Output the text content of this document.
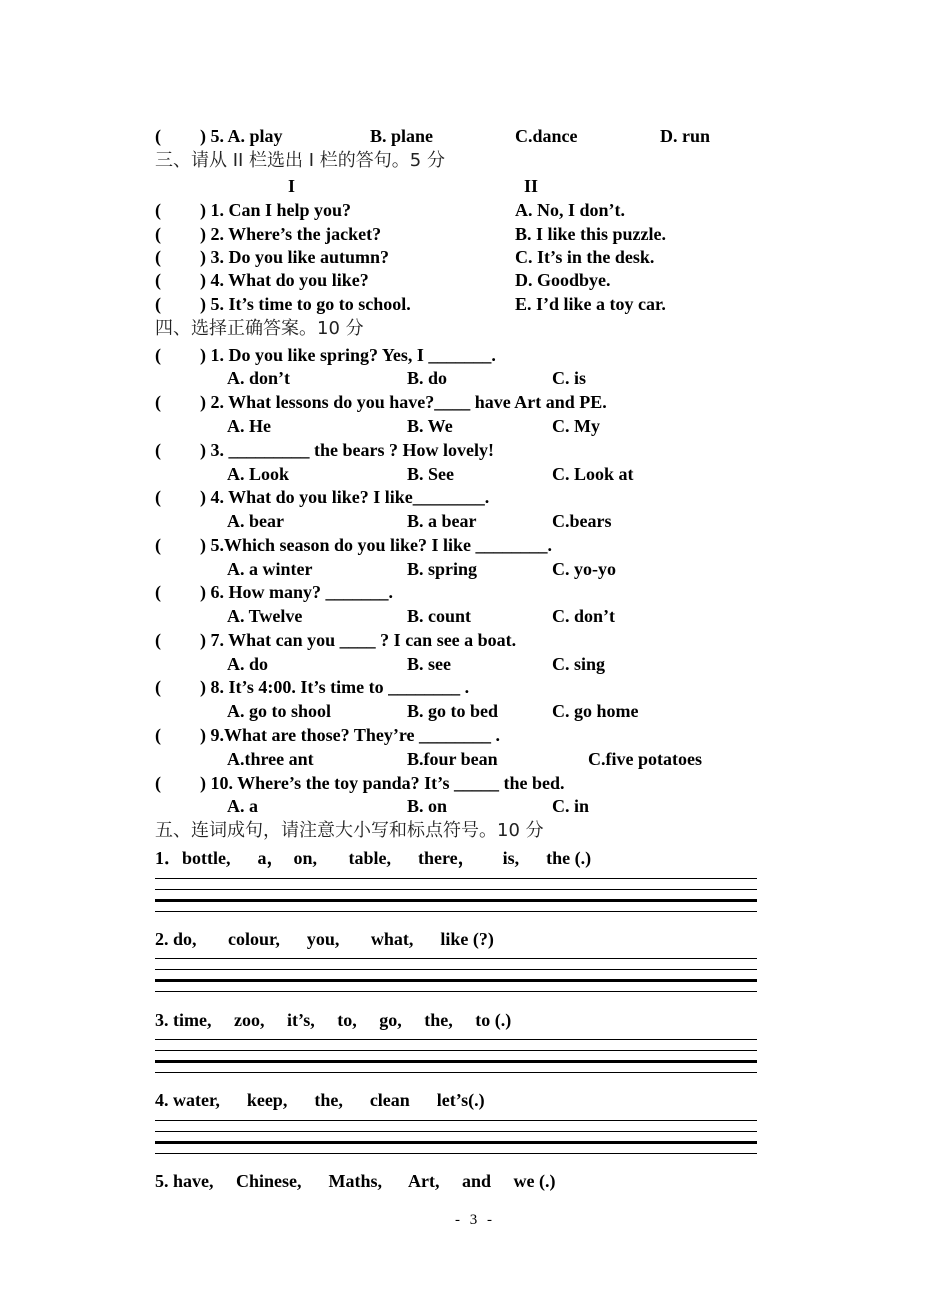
( ) 5. A. play	B. plane	C.dance	D. run
三、请从 II 栏选出 I 栏的答句。5 分
I	II
( ) 1. Can I help you?	A. No, I don’t.
( ) 2. Where’s the jacket?	B. I like this puzzle.
( ) 3. Do you like autumn?	C. It’s in the desk.
( ) 4. What do you like?	D. Goodbye.
( ) 5. It’s time to go to school.	E. I’d like a toy car.
四、选择正确答案。10 分
( ) 1. Do you like spring? Yes, I _______.
A. don’t	B. do	C. is
( ) 2. What lessons do you have?____ have Art and PE.
A. He	B. We	C. My
( ) 3. _________ the bears ? How lovely!
A. Look	B. See	C. Look at
( ) 4. What do you like? I like________.
A. bear	B. a bear	C.bears
( ) 5.Which season do you like? I like ________.
A. a winter	B. spring	C. yo-yo
( ) 6. How many? _______.
A. Twelve	B. count	C. don’t
( ) 7. What can you ____ ? I can see a boat.
A. do	B. see	C. sing
( ) 8. It’s 4:00. It’s time to ________ .
A. go to shool	B. go to bed	C. go home
( ) 9.What are those? They’re ________ .
A.three ant	B.four bean	C.five potatoes
( ) 10. Where’s the toy panda? It’s _____ the bed.
A. a	B. on	C. in
五、连词成句，请注意大小写和标点符号。10 分
1．bottle,      a，  on,       table,      there，      is,      the (.)
2. do,       colour,      you,       what,      like (?)
3. time,     zoo,     it’s,     to,     go,     the,     to (.)
4. water,      keep,      the,      clean      let’s(.)
5. have,     Chinese,      Maths,      Art,     and     we (.)
- 3 -
